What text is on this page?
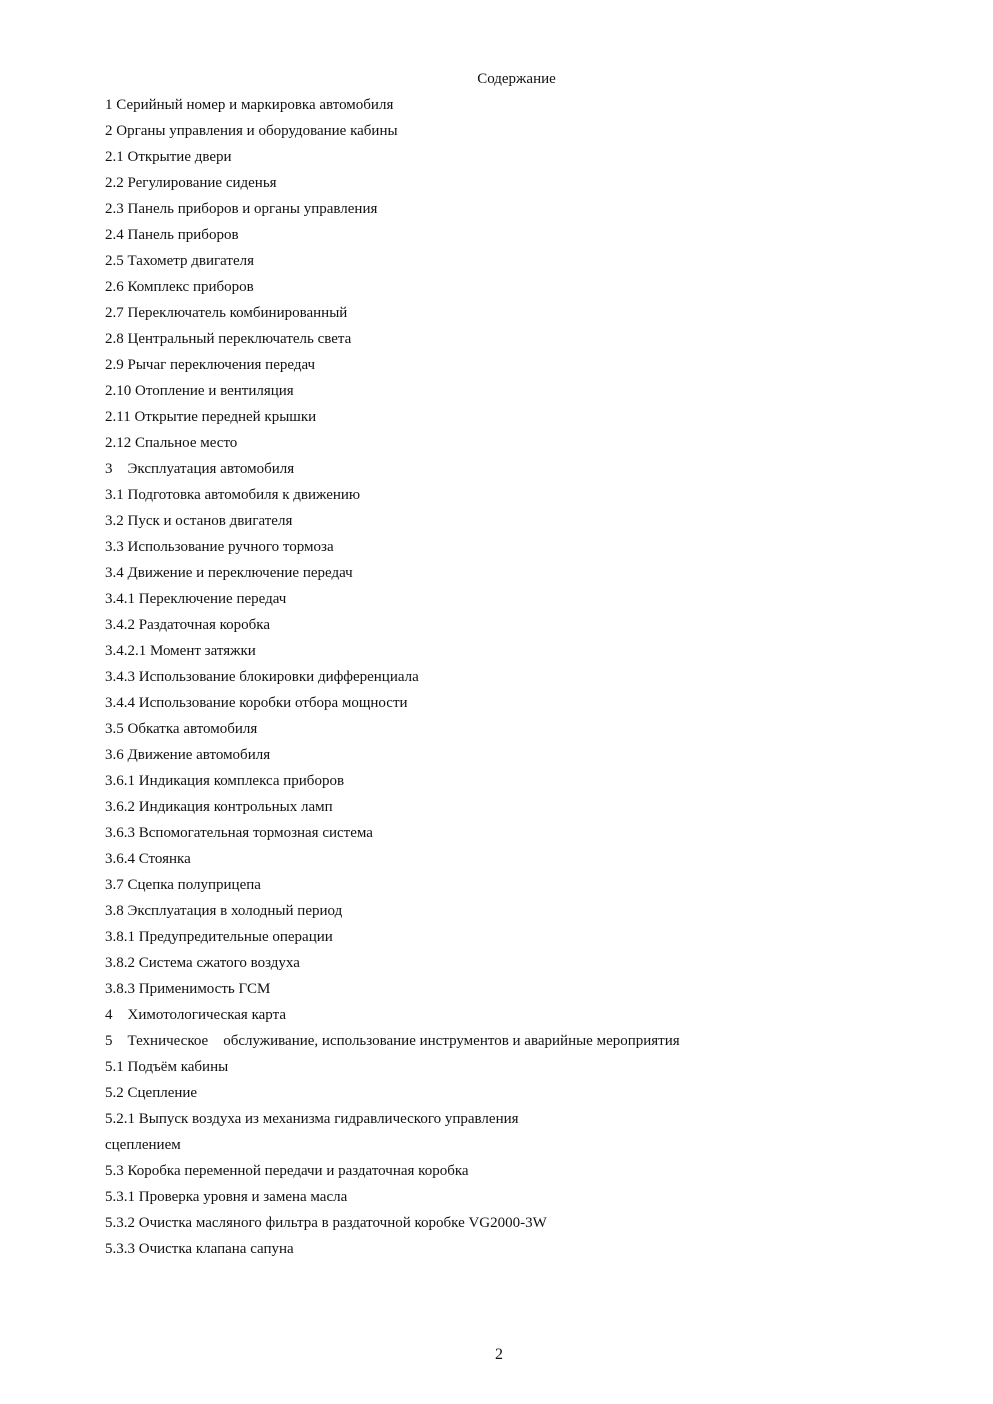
Содержание
1 Серийный номер и маркировка автомобиля
2 Органы управления и оборудование кабины
2.1 Открытие двери
2.2 Регулирование сиденья
2.3 Панель приборов и органы управления
2.4 Панель приборов
2.5 Тахометр двигателя
2.6 Комплекс приборов
2.7 Переключатель комбинированный
2.8 Центральный переключатель света
2.9 Рычаг переключения передач
2.10 Отопление и вентиляция
2.11 Открытие передней крышки
2.12 Спальное место
3    Эксплуатация автомобиля
3.1 Подготовка автомобиля к движению
3.2 Пуск и останов двигателя
3.3 Использование ручного тормоза
3.4 Движение и переключение передач
3.4.1 Переключение передач
3.4.2 Раздаточная коробка
3.4.2.1 Момент затяжки
3.4.3 Использование блокировки дифференциала
3.4.4 Использование коробки отбора мощности
3.5 Обкатка автомобиля
3.6 Движение автомобиля
3.6.1 Индикация комплекса приборов
3.6.2 Индикация контрольных ламп
3.6.3 Вспомогательная тормозная система
3.6.4 Стоянка
3.7 Сцепка полуприцепа
3.8 Эксплуатация в холодный период
3.8.1 Предупредительные операции
3.8.2 Система сжатого воздуха
3.8.3 Применимость ГСМ
4    Химотологическая карта
5    Техническое    обслуживание, использование инструментов и аварийные мероприятия
5.1 Подъём кабины
5.2 Сцепление
5.2.1 Выпуск воздуха из механизма гидравлического управления
сцеплением
5.3 Коробка переменной передачи и раздаточная коробка
5.3.1 Проверка уровня и замена масла
5.3.2 Очистка масляного фильтра в раздаточной коробке VG2000-3W
5.3.3 Очистка клапана сапуна
2
